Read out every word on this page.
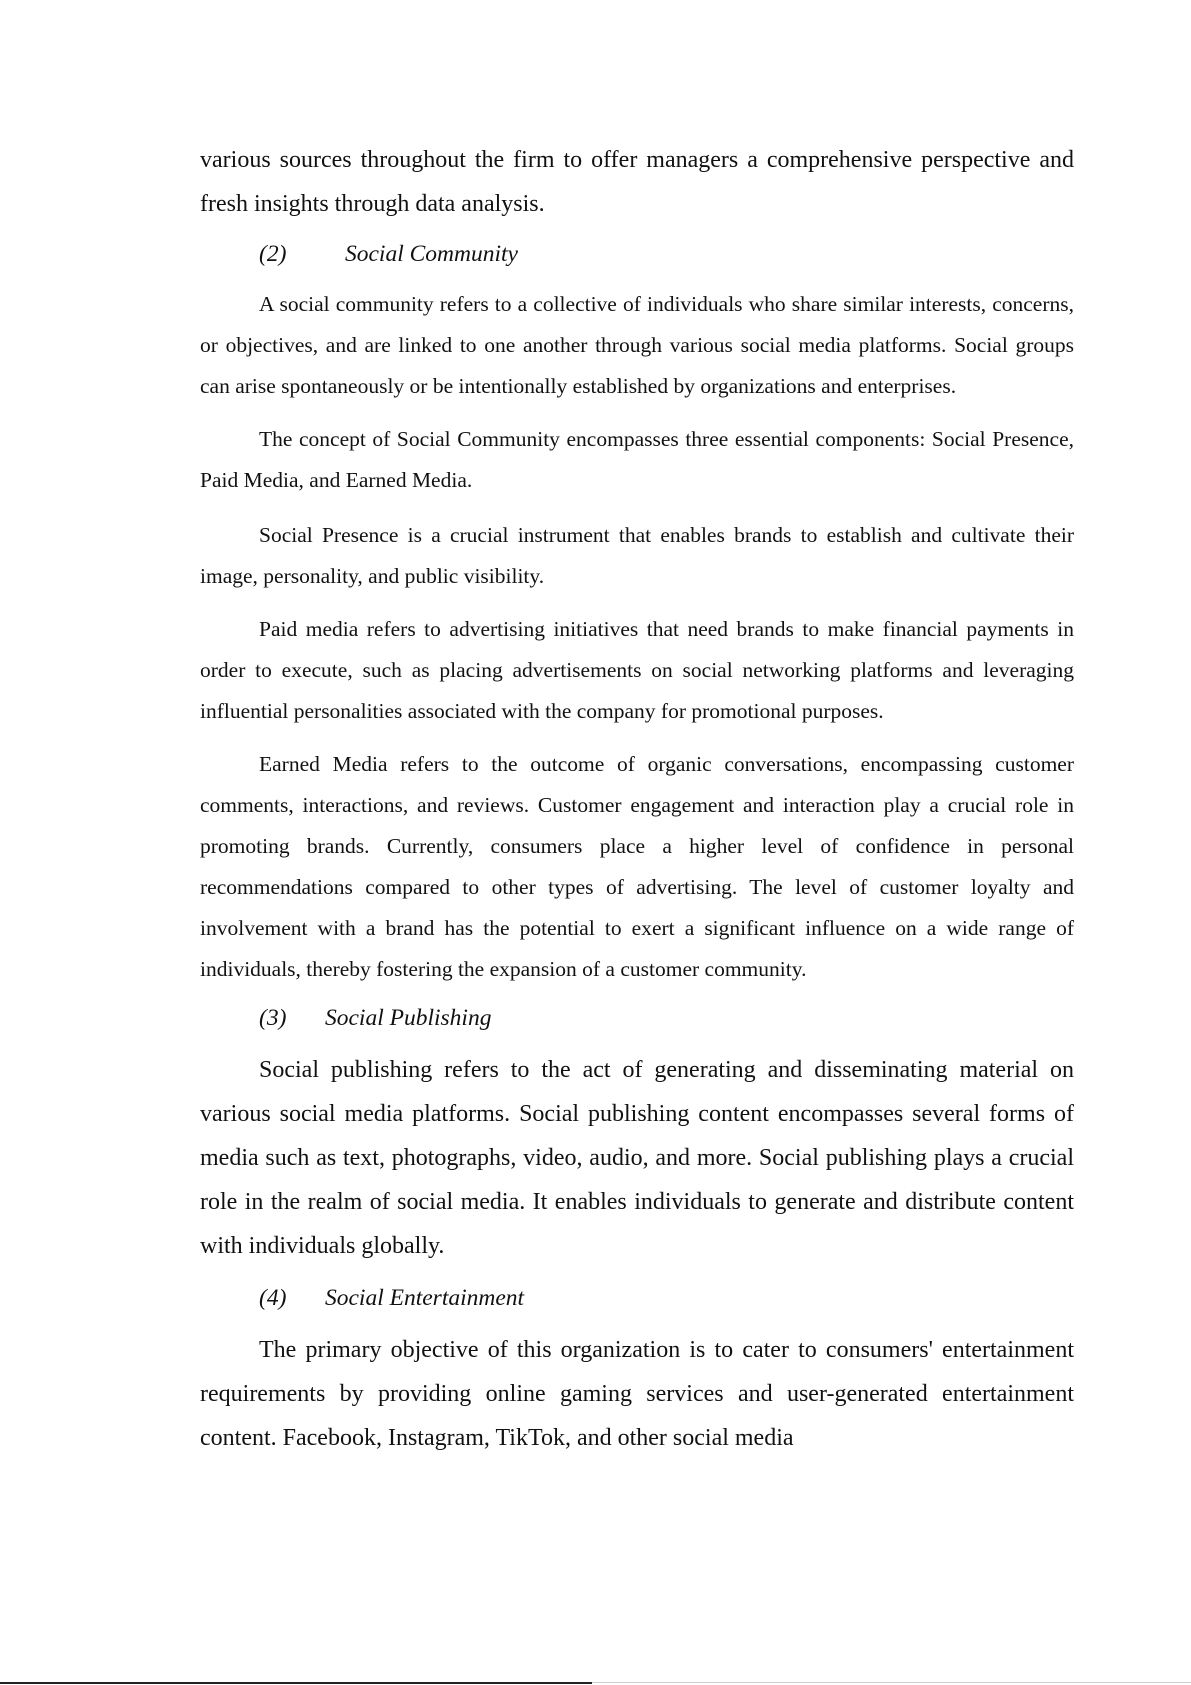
various sources throughout the firm to offer managers a comprehensive perspective and fresh insights through data analysis.

(2) Social Community

A social community refers to a collective of individuals who share similar interests, concerns, or objectives, and are linked to one another through various social media platforms. Social groups can arise spontaneously or be intentionally established by organizations and enterprises.

The concept of Social Community encompasses three essential components: Social Presence, Paid Media, and Earned Media.

Social Presence is a crucial instrument that enables brands to establish and cultivate their image, personality, and public visibility.

Paid media refers to advertising initiatives that need brands to make financial payments in order to execute, such as placing advertisements on social networking platforms and leveraging influential personalities associated with the company for promotional purposes.

Earned Media refers to the outcome of organic conversations, encompassing customer comments, interactions, and reviews. Customer engagement and interaction play a crucial role in promoting brands. Currently, consumers place a higher level of confidence in personal recommendations compared to other types of advertising. The level of customer loyalty and involvement with a brand has the potential to exert a significant influence on a wide range of individuals, thereby fostering the expansion of a customer community.

(3) Social Publishing

Social publishing refers to the act of generating and disseminating material on various social media platforms. Social publishing content encompasses several forms of media such as text, photographs, video, audio, and more. Social publishing plays a crucial role in the realm of social media. It enables individuals to generate and distribute content with individuals globally.

(4) Social Entertainment

The primary objective of this organization is to cater to consumers' entertainment requirements by providing online gaming services and user-generated entertainment content. Facebook, Instagram, TikTok, and other social media
